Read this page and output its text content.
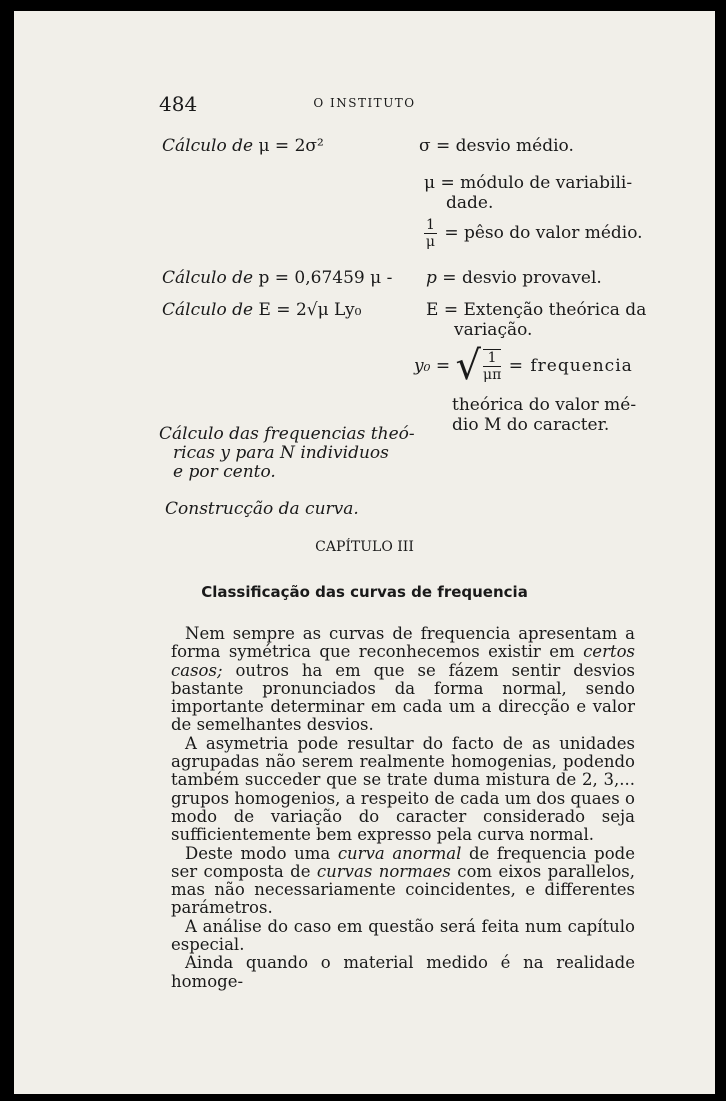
484	O INSTITUTO
Cálculo de μ = 2σ²
Cálculo de p = 0,67459 μ -
Cálculo de E = 2√μ Ly₀
Cálculo das frequencias theó-
ricas y para N individuos
e por cento.
Construcção da curva.
σ = desvio médio.
μ = módulo de variabili-
dade.
$\frac{1}{\mu}$ = pêso do valor médio.
p = desvio provavel.
E = Extenção theórica da
variação.
y₀ = √ $\frac{1}{\mu\pi}$ = frequencia
theórica do valor mé-
dio M do caracter.
CAPÍTULO III
Classificação das curvas de frequencia

Nem sempre as curvas de frequencia apresentam a forma symétrica que reconhecemos existir em certos casos; outros ha em que se fázem sentir desvios bastante pronunciados da forma normal, sendo importante determinar em cada um a direcção e valor de semelhantes desvios.

A asymetria pode resultar do facto de as unidades agrupadas não serem realmente homogenias, podendo também succeder que se trate duma mistura de 2, 3,... grupos homogenios, a respeito de cada um dos quaes o modo de variação do caracter considerado seja sufficientemente bem expresso pela curva normal.

Deste modo uma curva anormal de frequencia pode ser composta de curvas normaes com eixos parallelos, mas não necessariamente coincidentes, e differentes parámetros.

A análise do caso em questão será feita num capítulo especial.

Ainda quando o material medido é na realidade homoge-
